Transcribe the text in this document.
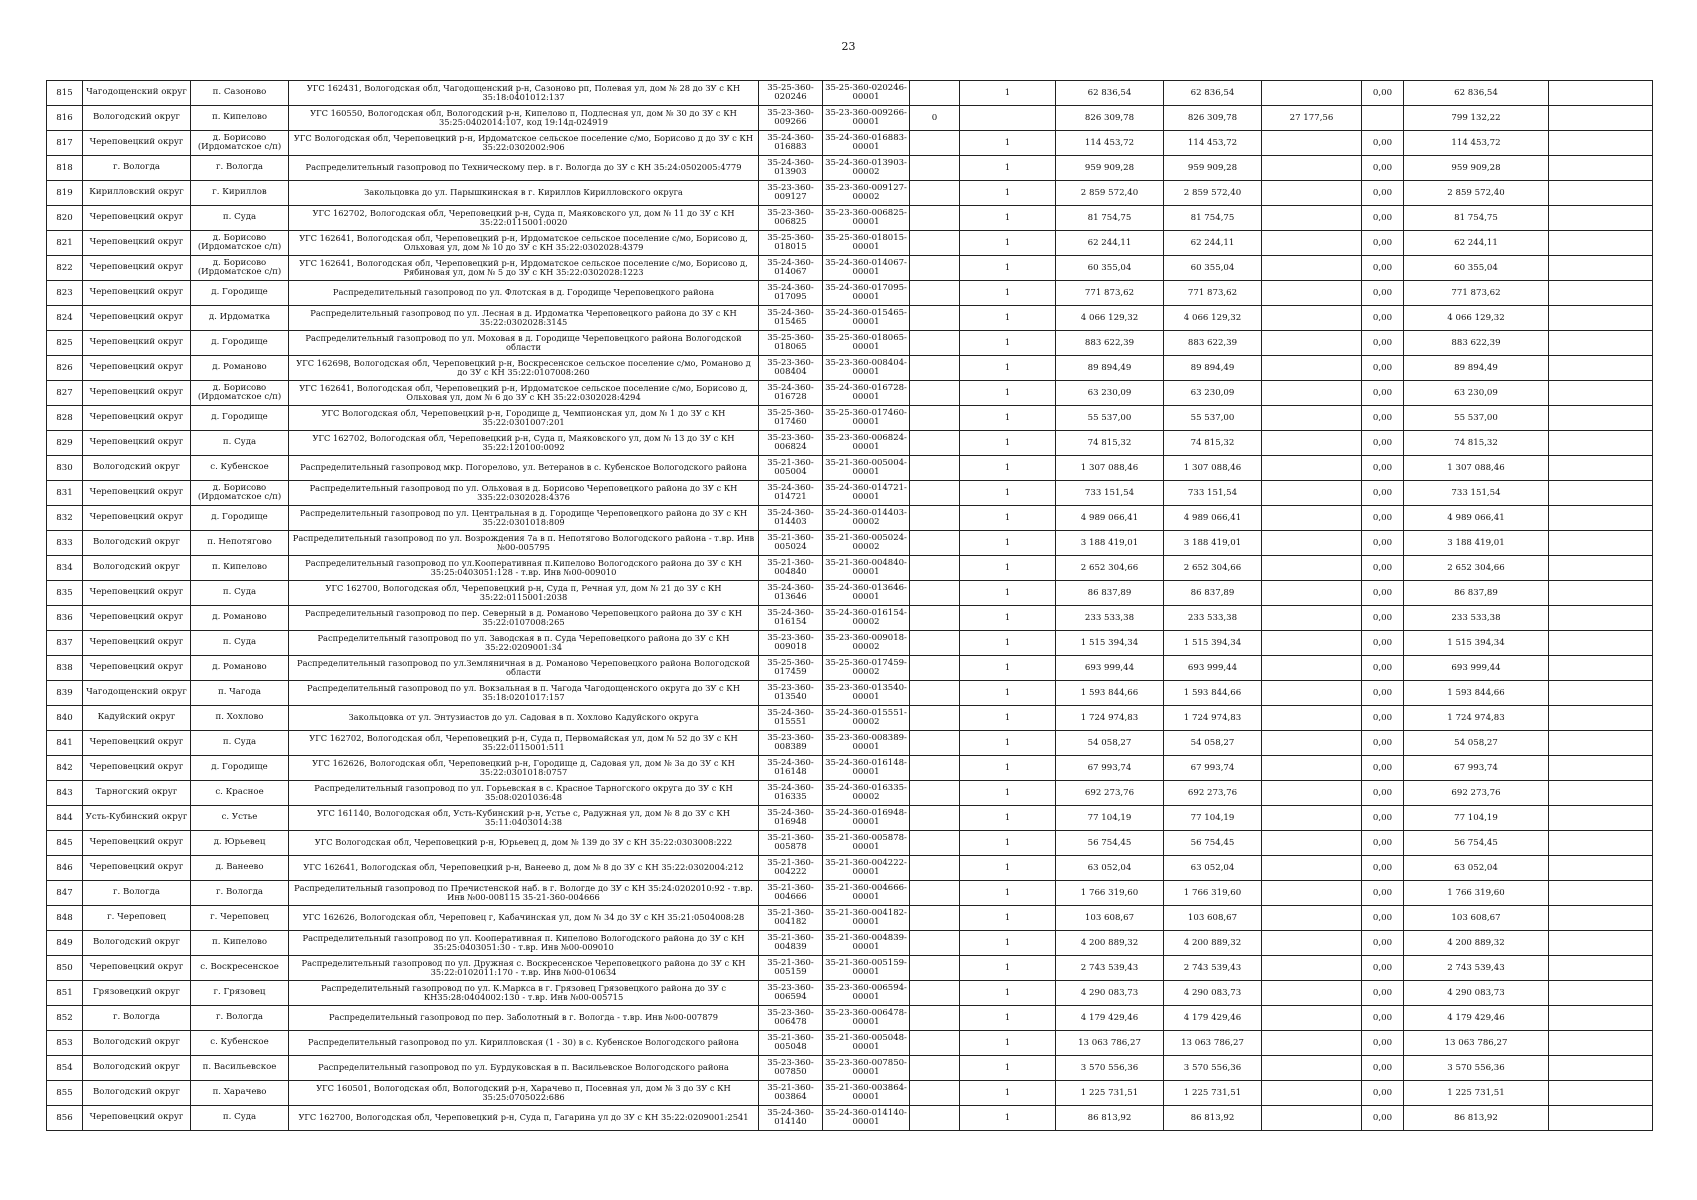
23
815	Чагодощенский округ	п. Сазоново	УГС 162431, Вологодская обл, Чагодощенский р-н, Сазоново рп, Полевая ул, дом № 28 до ЗУ с КН 35:18:0401012:137	35-25-360-020246	35-25-360-020246-00001		1	62 836,54	62 836,54		0,00	62 836,54	
816	Вологодский округ	п. Кипелово	УГС 160550, Вологодская обл, Вологодский р-н, Кипелово п, Подлесная ул, дом № 30 до ЗУ с КН 35:25:0402014:107, код 19:14д-024919	35-23-360-009266	35-23-360-009266-00001	0		826 309,78	826 309,78	27 177,56		799 132,22	
817	Череповецкий округ	д. Борисово (Ирдоматское с/п)	УГС Вологодская обл, Череповецкий р-н, Ирдоматское сельское поселение с/мо, Борисово д до ЗУ с КН 35:22:0302002:906	35-24-360-016883	35-24-360-016883-00001		1	114 453,72	114 453,72		0,00	114 453,72	
818	г. Вологда	г. Вологда	Распределительный газопровод по Техническому пер. в г. Вологда до ЗУ с КН 35:24:0502005:4779	35-24-360-013903	35-24-360-013903-00002		1	959 909,28	959 909,28		0,00	959 909,28	
819	Кирилловский округ	г. Кириллов	Закольцовка до ул. Парышкинская в г. Кириллов Кирилловского округа	35-23-360-009127	35-23-360-009127-00002		1	2 859 572,40	2 859 572,40		0,00	2 859 572,40	
820	Череповецкий округ	п. Суда	УГС 162702, Вологодская обл, Череповецкий р-н, Суда п, Маяковского ул, дом № 11 до ЗУ с КН 35:22:0115001:0020	35-23-360-006825	35-23-360-006825-00001		1	81 754,75	81 754,75		0,00	81 754,75	
821	Череповецкий округ	д. Борисово (Ирдоматское с/п)	УГС 162641, Вологодская обл, Череповецкий р-н, Ирдоматское сельское поселение с/мо, Борисово д, Ольховая ул, дом № 10 до ЗУ с КН 35:22:0302028:4379	35-25-360-018015	35-25-360-018015-00001		1	62 244,11	62 244,11		0,00	62 244,11	
822	Череповецкий округ	д. Борисово (Ирдоматское с/п)	УГС 162641, Вологодская обл, Череповецкий р-н, Ирдоматское сельское поселение с/мо, Борисово д, Рябиновая ул, дом № 5 до ЗУ с КН 35:22:0302028:1223	35-24-360-014067	35-24-360-014067-00001		1	60 355,04	60 355,04		0,00	60 355,04	
823	Череповецкий округ	д. Городище	Распределительный газопровод по ул. Флотская в д. Городище Череповецкого района	35-24-360-017095	35-24-360-017095-00001		1	771 873,62	771 873,62		0,00	771 873,62	
824	Череповецкий округ	д. Ирдоматка	Распределительный газопровод по ул. Лесная в д. Ирдоматка Череповецкого района до ЗУ с КН 35:22:0302028:3145	35-24-360-015465	35-24-360-015465-00001		1	4 066 129,32	4 066 129,32		0,00	4 066 129,32	
825	Череповецкий округ	д. Городище	Распределительный газопровод по ул. Моховая в д. Городище Череповецкого района Вологодской области	35-25-360-018065	35-25-360-018065-00001		1	883 622,39	883 622,39		0,00	883 622,39	
826	Череповецкий округ	д. Романово	УГС 162698, Вологодская обл, Череповецкий р-н, Воскресенское сельское поселение с/мо, Романово д до ЗУ с КН 35:22:0107008:260	35-23-360-008404	35-23-360-008404-00001		1	89 894,49	89 894,49		0,00	89 894,49	
827	Череповецкий округ	д. Борисово (Ирдоматское с/п)	УГС 162641, Вологодская обл, Череповецкий р-н, Ирдоматское сельское поселение с/мо, Борисово д, Ольховая ул, дом № 6 до ЗУ с КН 35:22:0302028:4294	35-24-360-016728	35-24-360-016728-00001		1	63 230,09	63 230,09		0,00	63 230,09	
828	Череповецкий округ	д. Городище	УГС Вологодская обл, Череповецкий р-н, Городище д, Чемпионская ул, дом № 1 до ЗУ с КН 35:22:0301007:201	35-25-360-017460	35-25-360-017460-00001		1	55 537,00	55 537,00		0,00	55 537,00	
829	Череповецкий округ	п. Суда	УГС 162702, Вологодская обл, Череповецкий р-н, Суда п, Маяковского ул, дом № 13 до ЗУ с КН 35:22:120100:0092	35-23-360-006824	35-23-360-006824-00001		1	74 815,32	74 815,32		0,00	74 815,32	
830	Вологодский округ	с. Кубенское	Распределительный газопровод мкр. Погорелово, ул. Ветеранов в с. Кубенское Вологодского района	35-21-360-005004	35-21-360-005004-00001		1	1 307 088,46	1 307 088,46		0,00	1 307 088,46	
831	Череповецкий округ	д. Борисово (Ирдоматское с/п)	Распределительный газопровод по ул. Ольховая в д. Борисово Череповецкого района до ЗУ с КН 335:22:0302028:4376	35-24-360-014721	35-24-360-014721-00001		1	733 151,54	733 151,54		0,00	733 151,54	
832	Череповецкий округ	д. Городище	Распределительный газопровод по ул. Центральная в д. Городище Череповецкого района до ЗУ с КН 35:22:0301018:809	35-24-360-014403	35-24-360-014403-00002		1	4 989 066,41	4 989 066,41		0,00	4 989 066,41	
833	Вологодский округ	п. Непотягово	Распределительный газопровод по ул. Возрождения 7а в п. Непотягово Вологодского района - т.вр. Инв №00-005795	35-21-360-005024	35-21-360-005024-00002		1	3 188 419,01	3 188 419,01		0,00	3 188 419,01	
834	Вологодский округ	п. Кипелово	Распределительный газопровод по ул.Кооперативная п.Кипелово Вологодского района до ЗУ с КН 35:25:0403051:128 - т.вр. Инв №00-009010	35-21-360-004840	35-21-360-004840-00001		1	2 652 304,66	2 652 304,66		0,00	2 652 304,66	
835	Череповецкий округ	п. Суда	УГС 162700, Вологодская обл, Череповецкий р-н, Суда п, Речная ул, дом № 21 до ЗУ с КН 35:22:0115001:2038	35-24-360-013646	35-24-360-013646-00001		1	86 837,89	86 837,89		0,00	86 837,89	
836	Череповецкий округ	д. Романово	Распределительный газопровод по пер. Северный в д. Романово Череповецкого района до ЗУ с КН 35:22:0107008:265	35-24-360-016154	35-24-360-016154-00002		1	233 533,38	233 533,38		0,00	233 533,38	
837	Череповецкий округ	п. Суда	Распределительный газопровод по ул. Заводская в п. Суда Череповецкого района до ЗУ с КН 35:22:0209001:34	35-23-360-009018	35-23-360-009018-00002		1	1 515 394,34	1 515 394,34		0,00	1 515 394,34	
838	Череповецкий округ	д. Романово	Распределительный газопровод по ул.Земляничная в д. Романово Череповецкого района Вологодской области	35-25-360-017459	35-25-360-017459-00002		1	693 999,44	693 999,44		0,00	693 999,44	
839	Чагодощенский округ	п. Чагода	Распределительный газопровод по ул. Вокзальная в п. Чагода Чагодощенского округа до ЗУ с КН 35:18:0201017:157	35-23-360-013540	35-23-360-013540-00001		1	1 593 844,66	1 593 844,66		0,00	1 593 844,66	
840	Кадуйский округ	п. Хохлово	Закольцовка от ул. Энтузиастов до ул. Садовая в п. Хохлово Кадуйского округа	35-24-360-015551	35-24-360-015551-00002		1	1 724 974,83	1 724 974,83		0,00	1 724 974,83	
841	Череповецкий округ	п. Суда	УГС 162702, Вологодская обл, Череповецкий р-н, Суда п, Первомайская ул, дом № 52 до ЗУ с КН 35:22:0115001:511	35-23-360-008389	35-23-360-008389-00001		1	54 058,27	54 058,27		0,00	54 058,27	
842	Череповецкий округ	д. Городище	УГС 162626, Вологодская обл, Череповецкий р-н, Городище д, Садовая ул, дом № 3а до ЗУ с КН 35:22:0301018:0757	35-24-360-016148	35-24-360-016148-00001		1	67 993,74	67 993,74		0,00	67 993,74	
843	Тарногский округ	с. Красное	Распределительный газопровод по ул. Горьевская в с. Красное Тарногского округа до ЗУ с КН 35:08:0201036:48	35-24-360-016335	35-24-360-016335-00002		1	692 273,76	692 273,76		0,00	692 273,76	
844	Усть-Кубинский округ	с. Устье	УГС 161140, Вологодская обл, Усть-Кубинский р-н, Устье с, Радужная ул, дом № 8 до ЗУ с КН 35:11:0403014:38	35-24-360-016948	35-24-360-016948-00001		1	77 104,19	77 104,19		0,00	77 104,19	
845	Череповецкий округ	д. Юрьевец	УГС Вологодская обл, Череповецкий р-н, Юрьевец д, дом № 139 до ЗУ с КН 35:22:0303008:222	35-21-360-005878	35-21-360-005878-00001		1	56 754,45	56 754,45		0,00	56 754,45	
846	Череповецкий округ	д. Ванеево	УГС 162641, Вологодская обл, Череповецкий р-н, Ванеево д, дом № 8 до ЗУ с КН 35:22:0302004:212	35-21-360-004222	35-21-360-004222-00001		1	63 052,04	63 052,04		0,00	63 052,04	
847	г. Вологда	г. Вологда	Распределительный газопровод по Пречистенской наб. в г. Вологде до ЗУ с КН 35:24:0202010:92 - т.вр. Инв №00-008115 35-21-360-004666	35-21-360-004666	35-21-360-004666-00001		1	1 766 319,60	1 766 319,60		0,00	1 766 319,60	
848	г. Череповец	г. Череповец	УГС 162626, Вологодская обл, Череповец г, Кабачинская ул, дом № 34 до ЗУ с КН 35:21:0504008:28	35-21-360-004182	35-21-360-004182-00001		1	103 608,67	103 608,67		0,00	103 608,67	
849	Вологодский округ	п. Кипелово	Распределительный газопровод по ул. Кооперативная п. Кипелово Вологодского района до ЗУ с КН 35:25:0403051:30 - т.вр. Инв №00-009010	35-21-360-004839	35-21-360-004839-00001		1	4 200 889,32	4 200 889,32		0,00	4 200 889,32	
850	Череповецкий округ	с. Воскресенское	Распределительный газопровод по ул. Дружная с. Воскресенское Череповецкого района до ЗУ с КН 35:22:0102011:170 - т.вр. Инв №00-010634	35-21-360-005159	35-21-360-005159-00001		1	2 743 539,43	2 743 539,43		0,00	2 743 539,43	
851	Грязовецкий округ	г. Грязовец	Распределительный газопровод по ул. К.Маркса в г. Грязовец Грязовецкого района до ЗУ с КН35:28:0404002:130 - т.вр. Инв №00-005715	35-23-360-006594	35-23-360-006594-00001		1	4 290 083,73	4 290 083,73		0,00	4 290 083,73	
852	г. Вологда	г. Вологда	Распределительный газопровод по пер. Заболотный в г. Вологда - т.вр. Инв №00-007879	35-23-360-006478	35-23-360-006478-00001		1	4 179 429,46	4 179 429,46		0,00	4 179 429,46	
853	Вологодский округ	с. Кубенское	Распределительный газопровод по ул. Кирилловская (1 - 30) в с. Кубенское Вологодского района	35-21-360-005048	35-21-360-005048-00001		1	13 063 786,27	13 063 786,27		0,00	13 063 786,27	
854	Вологодский округ	п. Васильевское	Распределительный газопровод по ул. Бурдуковская в п. Васильевское Вологодского района	35-23-360-007850	35-23-360-007850-00001		1	3 570 556,36	3 570 556,36		0,00	3 570 556,36	
855	Вологодский округ	п. Харачево	УГС 160501, Вологодская обл, Вологодский р-н, Харачево п, Посевная ул, дом № 3 до ЗУ с КН 35:25:0705022:686	35-21-360-003864	35-21-360-003864-00001		1	1 225 731,51	1 225 731,51		0,00	1 225 731,51	
856	Череповецкий округ	п. Суда	УГС 162700, Вологодская обл, Череповецкий р-н, Суда п, Гагарина ул до ЗУ с КН 35:22:0209001:2541	35-24-360-014140	35-24-360-014140-00001		1	86 813,92	86 813,92		0,00	86 813,92	
